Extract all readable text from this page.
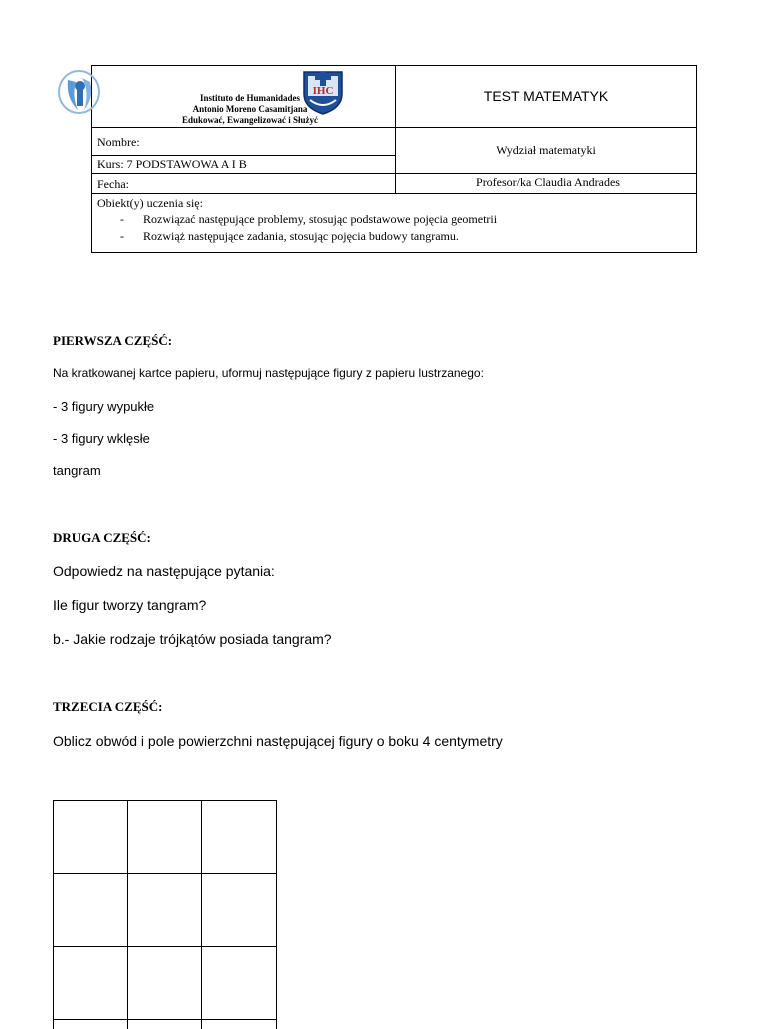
Instituto de Humanidades
Antonio Moreno Casamitjana
Edukować, Ewangelizować i Służyć
IHC	TEST MATEMATYK
Nombre:
Kurs: 7 PODSTAWOWA A I B
Fecha:
Wydział matematyki
Profesor/ka Claudia Andrades
Obiekt(y) uczenia się:
- Rozwiązać następujące problemy, stosując podstawowe pojęcia geometrii
- Rozwiąż następujące zadania, stosując pojęcia budowy tangramu.
PIERWSZA CZĘŚĆ:
Na kratkowanej kartce papieru, uformuj następujące figury z papieru lustrzanego:
- 3 figury wypukłe
- 3 figury wklęsłe
tangram
DRUGA CZĘŚĆ:
Odpowiedz na następujące pytania:
Ile figur tworzy tangram?
b.- Jakie rodzaje trójkątów posiada tangram?
TRZECIA CZĘŚĆ:
Oblicz obwód i pole powierzchni następującej figury o boku 4 centymetry
